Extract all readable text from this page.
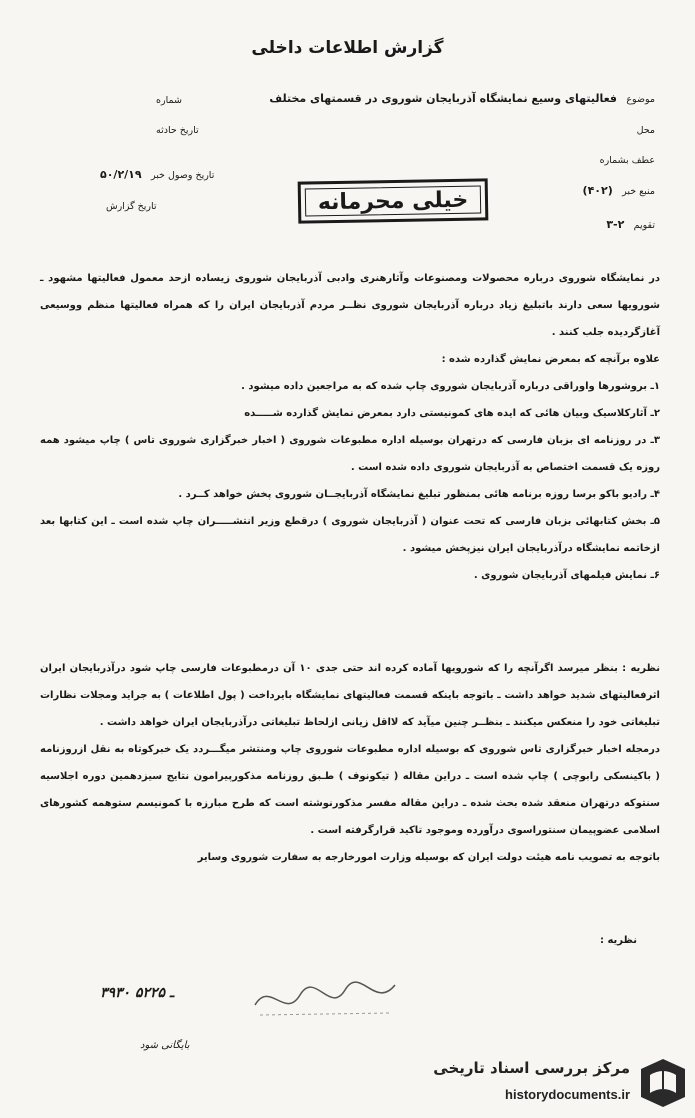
گزارش اطلاعات داخلی
موضوع فعالیتهای وسیع نمایشگاه آذربایجان شوروی در قسمتهای مختلف
شماره
محل
تاریخ حادثه
عطف بشماره
تاریخ وصول خبر ۵۰/۲/۱۹
منبع خبر (۴۰۲)
تاریخ گزارش
تقویم ۲-۳
خیلی محرمانه

در نمایشگاه شوروی درباره محصولات ومصنوعات وآثارهنری وادبی آذربایجان شوروی زیساده ازحد معمول فعالیتها مشهود ـ شورویها سعی دارند باتبلیغ زیاد درباره آذربایجان شوروی نظــر مردم آذربایجان ایران را که همراه فعالیتها منظم ووسیعی آغازگردیده جلب کنند .

علاوه برآنچه که بمعرض نمایش گذارده شده :

۱ـ بروشورها واوراقی درباره آذربایجان شوروی چاپ شده که به مراجعین داده میشود .

۲ـ آثارکلاسیک وبیان هائی که ایده های کمونیستی دارد بمعرض نمایش گذارده شـــــده

۳ـ در روزنامه ای بزبان فارسی که درتهران بوسیله اداره مطبوعات شوروی ( اخبار خبرگزاری شوروی تاس ) چاپ میشود همه روزه یک قسمت اختصاص به آذربایجان شوروی داده شده است .

۴ـ رادیو باکو برسا روزه برنامه هائی بمنظور تبلیغ نمایشگاه آذربایجــان شوروی پخش خواهد کــرد .

۵ـ بخش کتابهائی بزبان فارسی که تحت عنوان ( آذربایجان شوروی ) درقطع وزیر انتشـــــران چاپ شده است ـ این کتابها بعد ازخاتمه نمایشگاه درآذربایجان ایران نیزپخش میشود .

۶ـ نمایش فیلمهای آذربایجان شوروی .

نظریه : بنظر میرسد اگرآنچه را که شورویها آماده کرده اند حتی جدی ۱۰ آن درمطبوعات فارسی چاپ شود درآذربایجان ایران اثرفعالیتهای شدید خواهد داشت ـ باتوجه باینکه قسمت فعالیتهای نمایشگاه بایرداخت ( پول اطلاعات ) به جراید ومجلات نظارات تبلیغاتی خود را منعکس میکنند ـ بنظــر چنین میآید که لااقل زیانی ازلحاظ تبلیغاتی درآذربایجان ایران خواهد داشت .

درمجله اخبار خبرگزاری تاس شوروی که بوسیله اداره مطبوعات شوروی چاپ ومنتشر میگـــردد یک خبرکوتاه به نقل ازروزنامه ( باکینسکی رابوچی ) چاپ شده است ـ دراین مقاله ( تیکونوف ) طـبق روزنامه مذکورپیرامون نتایج سیزدهمین دوره اجلاسیه سنتوکه درتهران منعقد شده بحث شده ـ دراین مقاله مفسر مذکورنوشته است که طرح مبارزه با کمونیسم ستوهمه کشورهای اسلامی عضوپیمان سنتوراسوی درآورده وموجود تاکید قرارگرفته است .

باتوجه به تصویب نامه هیئت دولت ایران که بوسیله وزارت امورخارجه به سفارت شوروی وسایر

نظریه :
۳۹۳۰ ـ ۵۲۲۵
بایگانی شود
مرکز بررسی اسناد تاریخی
historydocuments.ir
